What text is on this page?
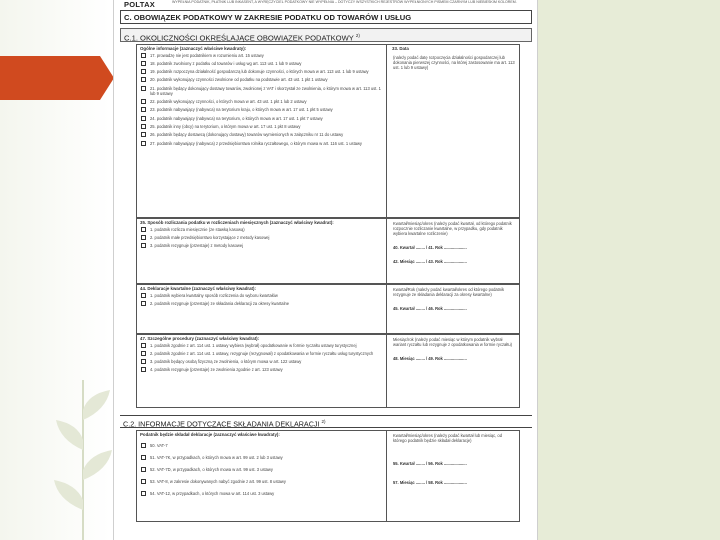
POLTAX	WYPEŁNIA PODATNIK, PŁATNIK LUB INKASENT, A WYRĘCZYCIEL PODATKOWY NIE WYPEŁNIA – DOTYCZY WSZYSTKICH REJESTRÓW WYPEŁNIONYCH PISMEM CZARNYM LUB NIEBIESKIM KOLOREM.
C. OBOWIĄZEK PODATKOWY W ZAKRESIE PODATKU OD TOWARÓW I USŁUG
C.1. OKOLICZNOŚCI OKREŚLAJĄCE OBOWIĄZEK PODATKOWY $^{2)}$
Ogólne informacje (zaznaczyć właściwe kwadraty):
17. prowadzę nie jest podatnikiem w rozumieniu art. 15 ustawy
18. podatnik zwolniony z podatku od towarów i usług wg art. 113 ust. 1 lub 9 ustawy
19. podatnik rozpoczyna działalność gospodarczą lub dokonuje czynności, o których mowa w art. 113 ust. 1 lub 9 ustawy
20. podatnik wykonujący czynności zwolnione od podatku na podstawie art. 43 ust. 1 pkt 1 ustawy
21. podatnik będący dokonujący dostawy towarów, zwolnionej z VAT i skorzystał ze zwolnienia, o którym mowa w art. 113 ust. 1 lub 9 ustawy
22. podatnik wykonujący czynności, o których mowa w art. 43 ust. 1 pkt 1 lub 2 ustawy
23. podatnik nabywający (nabywca) na terytorium kraju, o których mowa w art. 17 ust. 1 pkt 5 ustawy
24. podatnik nabywający (nabywca) na terytorium, o których mowa w art. 17 ust. 1 pkt 7 ustawy
25. podatnik inny (obcy) na terytorium, o którym mowa w art. 17 ust. 1 pkt 8 ustawy
26. podatnik będący dostawcą (dokonujący dostawy) towarów wymienionych w załączniku nr 11 do ustawy
27. podatnik nabywający (nabywca) z przedsiębiorstwa rolnika ryczałtowego, o którym mowa w art. 116 ust. 1 ustawy
33. Data
(należy podać datę rozpoczęcia działalności gospodarczej lub dokonania pierwszej czynności, na której zastosowanie ma art. 113 ust. 1 lub 9 ustawy)
35. Sposób rozliczania podatku w rozliczeniach miesięcznych (zaznaczyć właściwy kwadrat):
1. podatnik rozlicza miesięcznie (ze stawką kasową)
2. podatnik małe przedsiębiorstwo korzystające z metody kasowej
3. podatnik rezygnuje (przestaje) z metody kasowej
Kwartał/miesiąc/okres (należy podać kwartał, od którego podatnik rozpocznie rozliczanie kwartalne, w przypadku, gdy podatnik wybiera kwartalne rozliczenie)
40. Kwartał ........ / 41. Rok ....................
42. Miesiąc ........ / 43. Rok ....................
44. Deklaracje kwartalne (zaznaczyć właściwy kwadrat):
1. podatnik wybiera kwartalny sposób rozliczenia do wyboru kwartałów
2. podatnik rezygnuje (przestaje) ze składania deklaracji za okresy kwartalne
Kwartał/Rok (należy podać kwartał/okres od którego podatnik rezygnuje ze składania deklaracji za okresy kwartalne)
45. Kwartał ........ / 46. Rok ....................
47. Szczególne procedury (zaznaczyć właściwy kwadrat):
1. podatnik zgodnie z art. 114 ust. 1 ustawy wybiera (wybrał) opodatkowanie w formie ryczałtu ustawy turystycznej
2. podatnik zgodnie z art. 114 ust. 1 ustawy, rezygnuje (rezygnował) z opodatkowania w formie ryczałtu usług turystycznych
3. podatnik będący osobą fizyczną ze zwolnienia, o którym mowa w art. 122 ustawy
4. podatnik rezygnuje (przestaje) ze zwolnienia zgodnie z art. 123 ustawy
Miesiąc/rok (należy podać miesiąc w którym podatnik wybrał wariant ryczałtu lub rezygnuje z opodatkowania w formie ryczałtu)
48. Miesiąc ........ / 49. Rok ....................
C.2. INFORMACJE DOTYCZĄCE SKŁADANIA DEKLARACJI $^{2)}$
Podatnik będzie składał deklaracje (zaznaczyć właściwe kwadraty):
50. VAT-7
51. VAT-7K, w przypadkach, o których mowa w art. 99 ust. 2 lub 3 ustawy
52. VAT-7D, w przypadkach, o których mowa w art. 99 ust. 3 ustawy
53. VAT-8, w zakresie dokonywanych nabyć zgodnie z art. 99 ust. 8 ustawy
54. VAT-12, w przypadkach, o których mowa w art. 114 ust. 3 ustawy
Kwartał/miesiąc/okres (należy podać kwartał lub miesiąc, od którego podatnik będzie składał deklaracje)
55. Kwartał ........ / 56. Rok ....................
57. Miesiąc ........ / 58. Rok ....................
